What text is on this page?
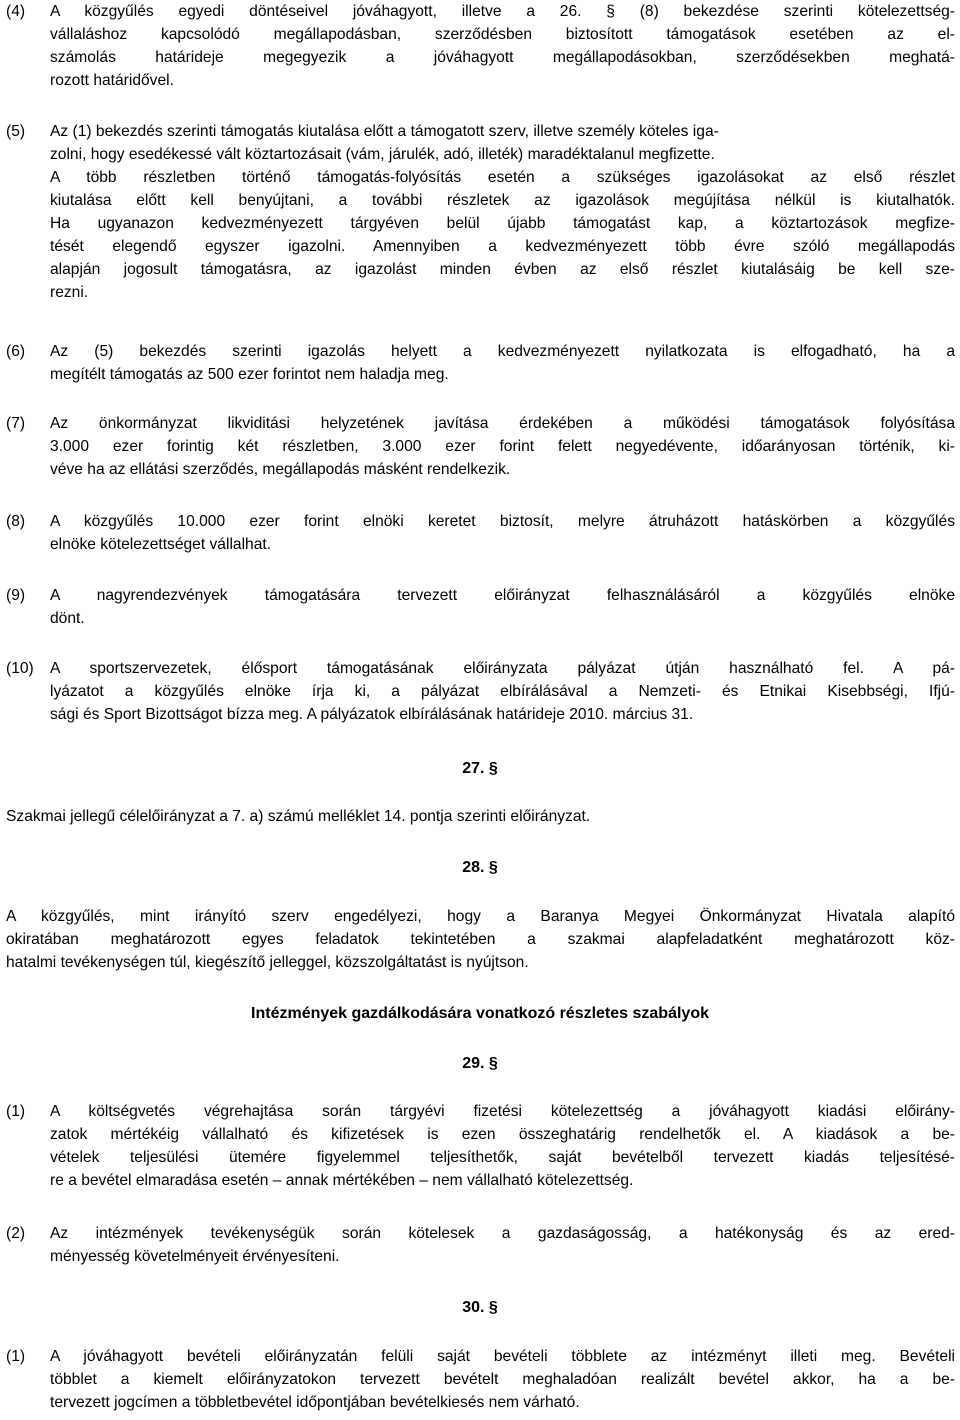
(4) A közgyűlés egyedi döntéseivel jóváhagyott, illetve a 26. § (8) bekezdése szerinti kötelezettség-
vállaláshoz kapcsolódó megállapodásban, szerződésben biztosított támogatások esetében az el-
számolás határideje megegyezik a jóváhagyott megállapodásokban, szerződésekben meghatá-
rozott határidővel.
(5) Az (1) bekezdés szerinti támogatás kiutalása előtt a támogatott szerv, illetve személy köteles iga-
zolni, hogy esedékessé vált köztartozásait (vám, járulék, adó, illeték) maradéktalanul megfizette.
A több részletben történő támogatás-folyósítás esetén a szükséges igazolásokat az első részlet
kiutalása előtt kell benyújtani, a további részletek az igazolások megújítása nélkül is kiutalhatók.
Ha ugyanazon kedvezményezett tárgyéven belül újabb támogatást kap, a köztartozások megfize-
tését elegendő egyszer igazolni. Amennyiben a kedvezményezett több évre szóló megállapodás
alapján jogosult támogatásra, az igazolást minden évben az első részlet kiutalásáig be kell sze-
rezni.
(6) Az (5) bekezdés szerinti igazolás helyett a kedvezményezett nyilatkozata is elfogadható, ha a
megítélt támogatás az 500 ezer forintot nem haladja meg.
(7) Az önkormányzat likviditási helyzetének javítása érdekében a működési támogatások folyósítása
3.000 ezer forintig két részletben, 3.000 ezer forint felett negyedévente, időarányosan történik, ki-
véve ha az ellátási szerződés, megállapodás másként rendelkezik.
(8) A közgyűlés 10.000 ezer forint elnöki keretet biztosít, melyre átruházott hatáskörben a közgyűlés
elnöke kötelezettséget vállalhat.
(9) A nagyrendezvények támogatására tervezett előirányzat felhasználásáról a közgyűlés elnöke
dönt.
(10) A sportszervezetek, élősport támogatásának előirányzata pályázat útján használható fel. A pá-
lyázatot a közgyűlés elnöke írja ki, a pályázat elbírálásával a Nemzeti- és Etnikai Kisebbségi, Ifjú-
sági és Sport Bizottságot bízza meg. A pályázatok elbírálásának határideje 2010. március 31.
27. §
Szakmai jellegű célelőirányzat a 7. a) számú melléklet 14. pontja szerinti előirányzat.
28. §
A közgyűlés, mint irányító szerv engedélyezi, hogy a Baranya Megyei Önkormányzat Hivatala alapító
okiratában meghatározott egyes feladatok tekintetében a szakmai alapfeladatként meghatározott köz-
hatalmi tevékenységen túl, kiegészítő jelleggel, közszolgáltatást is nyújtson.
Intézmények gazdálkodására vonatkozó részletes szabályok
29. §
(1) A költségvetés végrehajtása során tárgyévi fizetési kötelezettség a jóváhagyott kiadási előirány-
zatok mértékéig vállalható és kifizetések is ezen összeghatárig rendelhetők el. A kiadások a be-
vételek teljesülési ütemére figyelemmel teljesíthetők, saját bevételből tervezett kiadás teljesítésé-
re a bevétel elmaradása esetén – annak mértékében – nem vállalható kötelezettség.
(2) Az intézmények tevékenységük során kötelesek a gazdaságosság, a hatékonyság és az ered-
ményesség követelményeit érvényesíteni.
30. §
(1) A jóváhagyott bevételi előirányzatán felüli saját bevételi többlete az intézményt illeti meg. Bevételi
többlet a kiemelt előirányzatokon tervezett bevételt meghaladóan realizált bevétel akkor, ha a be-
tervezett jogcímen a többletbevétel időpontjában bevételkiesés nem várható.
